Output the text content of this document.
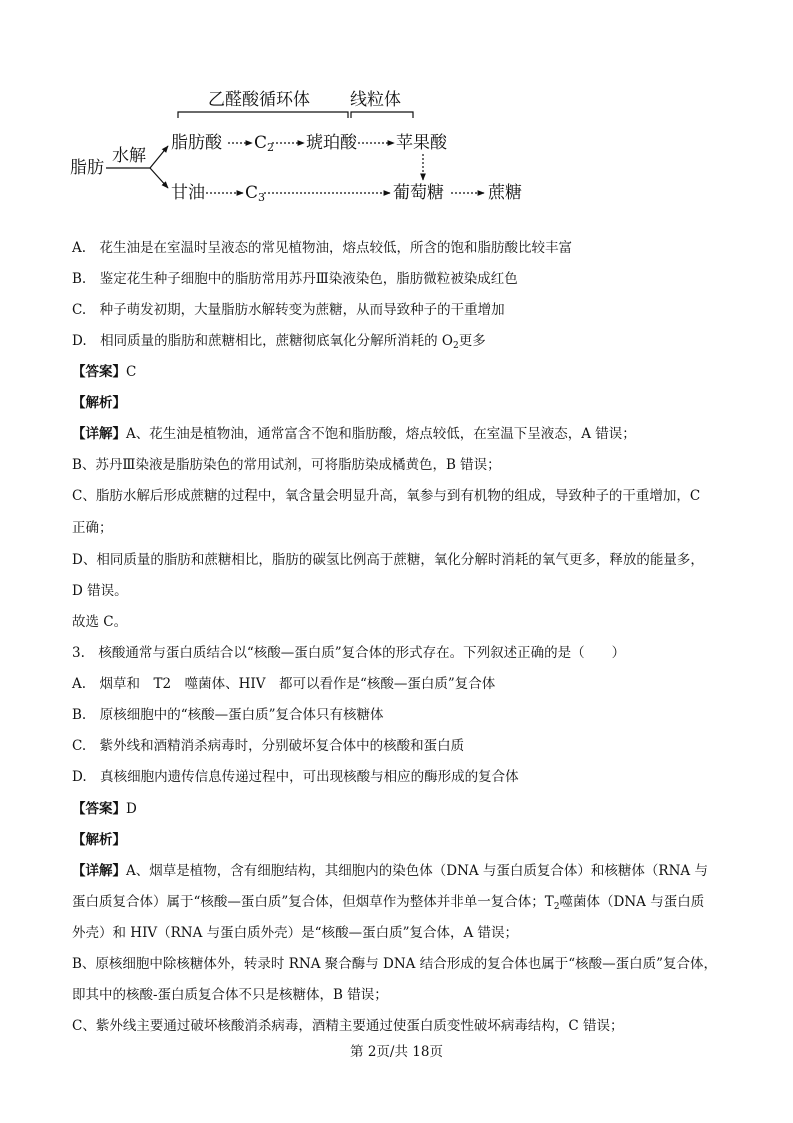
乙醛酸循环体 线粒体
脂肪
水解
脂肪酸 $C_2$ 琥珀酸 苹果酸
甘油 $C_3$	葡萄糖	蔗糖
A.　花生油是在室温时呈液态的常见植物油，熔点较低，所含的饱和脂肪酸比较丰富
B.　鉴定花生种子细胞中的脂肪常用苏丹Ⅲ染液染色，脂肪微粒被染成红色
C.　种子萌发初期，大量脂肪水解转变为蔗糖，从而导致种子的干重增加
D.　相同质量的脂肪和蔗糖相比，蔗糖彻底氧化分解所消耗的 $O_2$更多
【答案】C
【解析】
【详解】A、花生油是植物油，通常富含不饱和脂肪酸，熔点较低，在室温下呈液态，A 错误；
B、苏丹Ⅲ染液是脂肪染色的常用试剂，可将脂肪染成橘黄色，B 错误；
C、脂肪水解后形成蔗糖的过程中，氧含量会明显升高，氧参与到有机物的组成，导致种子的干重增加，C
正确；
D、相同质量的脂肪和蔗糖相比，脂肪的碳氢比例高于蔗糖，氧化分解时消耗的氧气更多，释放的能量多，
D 错误。
故选 C。
3.　核酸通常与蛋白质结合以“核酸—蛋白质”复合体的形式存在。下列叙述正确的是（　　）
A.　烟草和　T2　噬菌体、HIV　都可以看作是“核酸—蛋白质”复合体
B.　原核细胞中的“核酸—蛋白质”复合体只有核糖体
C.　紫外线和酒精消杀病毒时，分别破坏复合体中的核酸和蛋白质
D.　真核细胞内遗传信息传递过程中，可出现核酸与相应的酶形成的复合体
【答案】D
【解析】
【详解】A、烟草是植物，含有细胞结构，其细胞内的染色体（DNA 与蛋白质复合体）和核糖体（RNA 与
蛋白质复合体）属于“核酸—蛋白质”复合体，但烟草作为整体并非单一复合体；$T_2$噬菌体（DNA 与蛋白质
外壳）和 HIV（RNA 与蛋白质外壳）是“核酸—蛋白质”复合体，A 错误；
B、原核细胞中除核糖体外，转录时 RNA 聚合酶与 DNA 结合形成的复合体也属于“核酸—蛋白质”复合体，
即其中的核酸-蛋白质复合体不只是核糖体，B 错误；
C、紫外线主要通过破坏核酸消杀病毒，酒精主要通过使蛋白质变性破坏病毒结构，C 错误；
第 2页/共 18页
